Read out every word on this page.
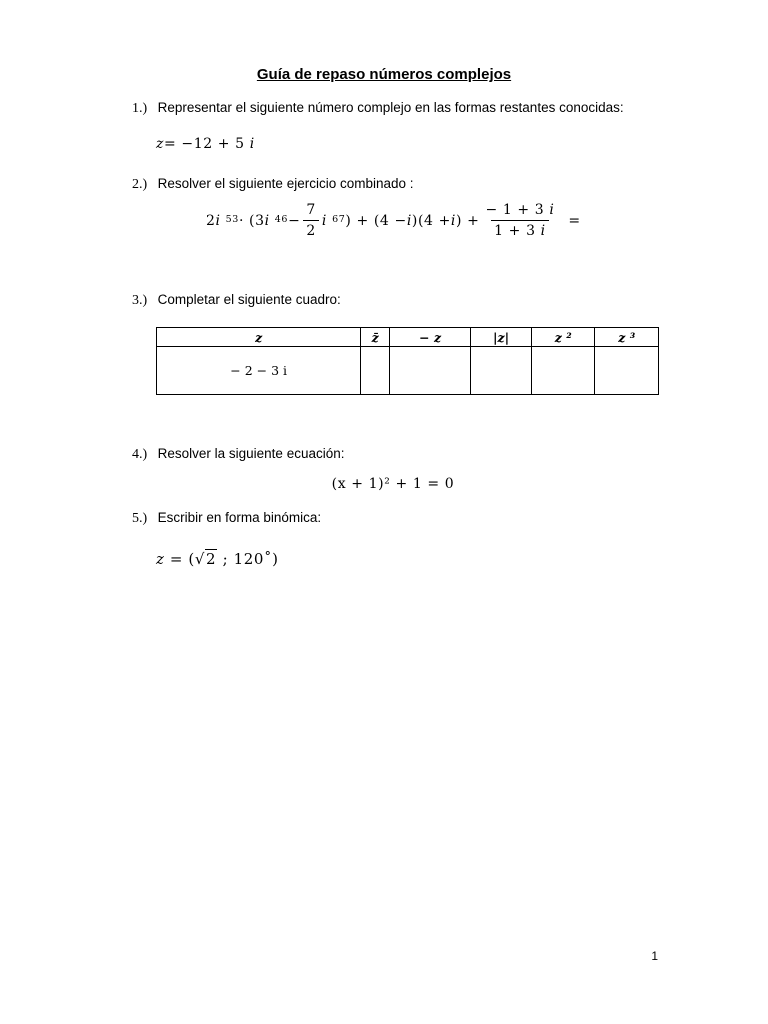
Guía de repaso números complejos
1.) Representar el siguiente número complejo en las formas restantes conocidas:
z= −12 + 5 i
2.) Resolver el siguiente ejercicio combinado :
2 i
$^{53}$ · (3 i
$^{46} - \frac{7}{2}$ i
$^{67}$ ) + (4 − i )(4 + i ) + $\frac{- 1 + 3 i}{1 + 3 i}$ =
3.) Completar el siguiente cuadro:
z	z̄	− z	|z|	z ²	z ³
− 2 − 3 i					
4.) Resolver la siguiente ecuación:
(x + 1)² + 1 = 0
5.) Escribir en forma binómica:
z = (√2 ; 120˚)
1
